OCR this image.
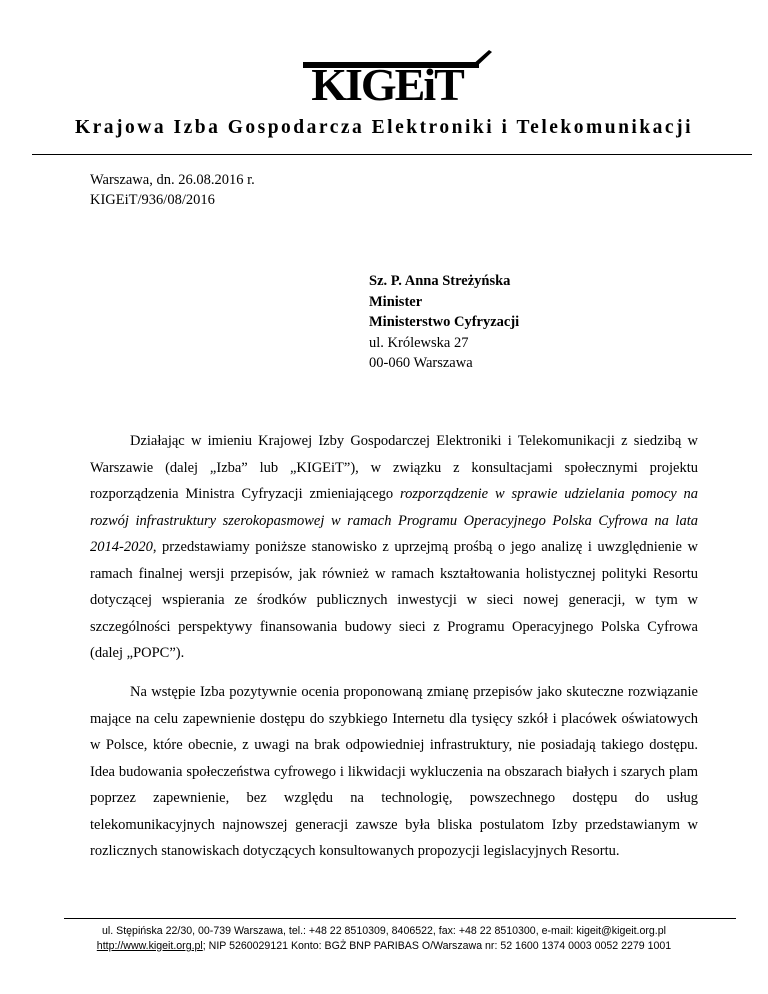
KIGEiT
Krajowa Izba Gospodarcza Elektroniki i Telekomunikacji
Warszawa, dn. 26.08.2016 r.
KIGEiT/936/08/2016
Sz. P. Anna Streżyńska
Minister
Ministerstwo Cyfryzacji
ul. Królewska 27
00-060 Warszawa

Działając w imieniu Krajowej Izby Gospodarczej Elektroniki i Telekomunikacji z siedzibą w Warszawie (dalej „Izba” lub „KIGEiT”), w związku z konsultacjami społecznymi projektu rozporządzenia Ministra Cyfryzacji zmieniającego rozporządzenie w sprawie udzielania pomocy na rozwój infrastruktury szerokopasmowej w ramach Programu Operacyjnego Polska Cyfrowa na lata 2014-2020, przedstawiamy poniższe stanowisko z uprzejmą prośbą o jego analizę i uwzględnienie w ramach finalnej wersji przepisów, jak również w ramach kształtowania holistycznej polityki Resortu dotyczącej wspierania ze środków publicznych inwestycji w sieci nowej generacji, w tym w szczególności perspektywy finansowania budowy sieci z Programu Operacyjnego Polska Cyfrowa (dalej „POPC”).

Na wstępie Izba pozytywnie ocenia proponowaną zmianę przepisów jako skuteczne rozwiązanie mające na celu zapewnienie dostępu do szybkiego Internetu dla tysięcy szkół i placówek oświatowych w Polsce, które obecnie, z uwagi na brak odpowiedniej infrastruktury, nie posiadają takiego dostępu. Idea budowania społeczeństwa cyfrowego i likwidacji wykluczenia na obszarach białych i szarych plam poprzez zapewnienie, bez względu na technologię, powszechnego dostępu do usług telekomunikacyjnych najnowszej generacji zawsze była bliska postulatom Izby przedstawianym w rozlicznych stanowiskach dotyczących konsultowanych propozycji legislacyjnych Resortu.

ul. Stępińska 22/30, 00-739 Warszawa, tel.: +48 22 8510309, 8406522, fax: +48 22 8510300, e-mail: kigeit@kigeit.org.pl
http://www.kigeit.org.pl; NIP 5260029121 Konto: BGŻ BNP PARIBAS O/Warszawa nr: 52 1600 1374 0003 0052 2279 1001
